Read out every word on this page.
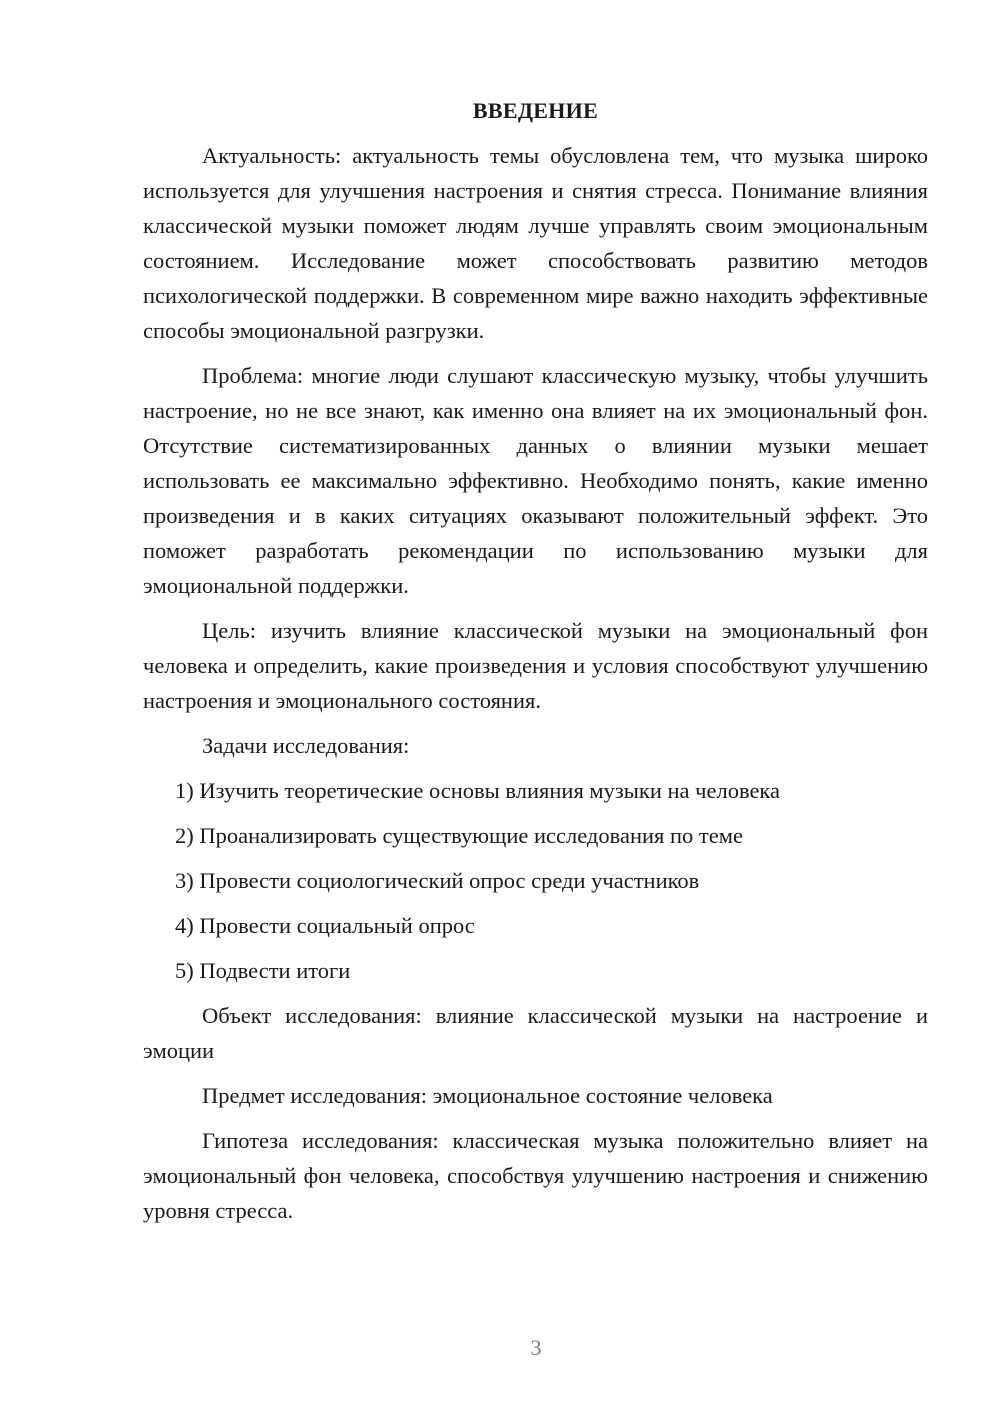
ВВЕДЕНИЕ

Актуальность: актуальность темы обусловлена тем, что музыка широко используется для улучшения настроения и снятия стресса. Понимание влияния классической музыки поможет людям лучше управлять своим эмоциональным состоянием. Исследование может способствовать развитию методов психологической поддержки. В современном мире важно находить эффективные способы эмоциональной разгрузки.

Проблема: многие люди слушают классическую музыку, чтобы улучшить настроение, но не все знают, как именно она влияет на их эмоциональный фон. Отсутствие систематизированных данных о влиянии музыки мешает использовать ее максимально эффективно. Необходимо понять, какие именно произведения и в каких ситуациях оказывают положительный эффект. Это поможет разработать рекомендации по использованию музыки для эмоциональной поддержки.

Цель: изучить влияние классической музыки на эмоциональный фон человека и определить, какие произведения и условия способствуют улучшению настроения и эмоционального состояния.

Задачи исследования:
1) Изучить теоретические основы влияния музыки на человека
2) Проанализировать существующие исследования по теме
3) Провести социологический опрос среди участников
4) Провести социальный опрос
5) Подвести итоги

Объект исследования: влияние классической музыки на настроение и эмоции

Предмет исследования: эмоциональное состояние человека

Гипотеза исследования: классическая музыка положительно влияет на эмоциональный фон человека, способствуя улучшению настроения и снижению уровня стресса.

3
